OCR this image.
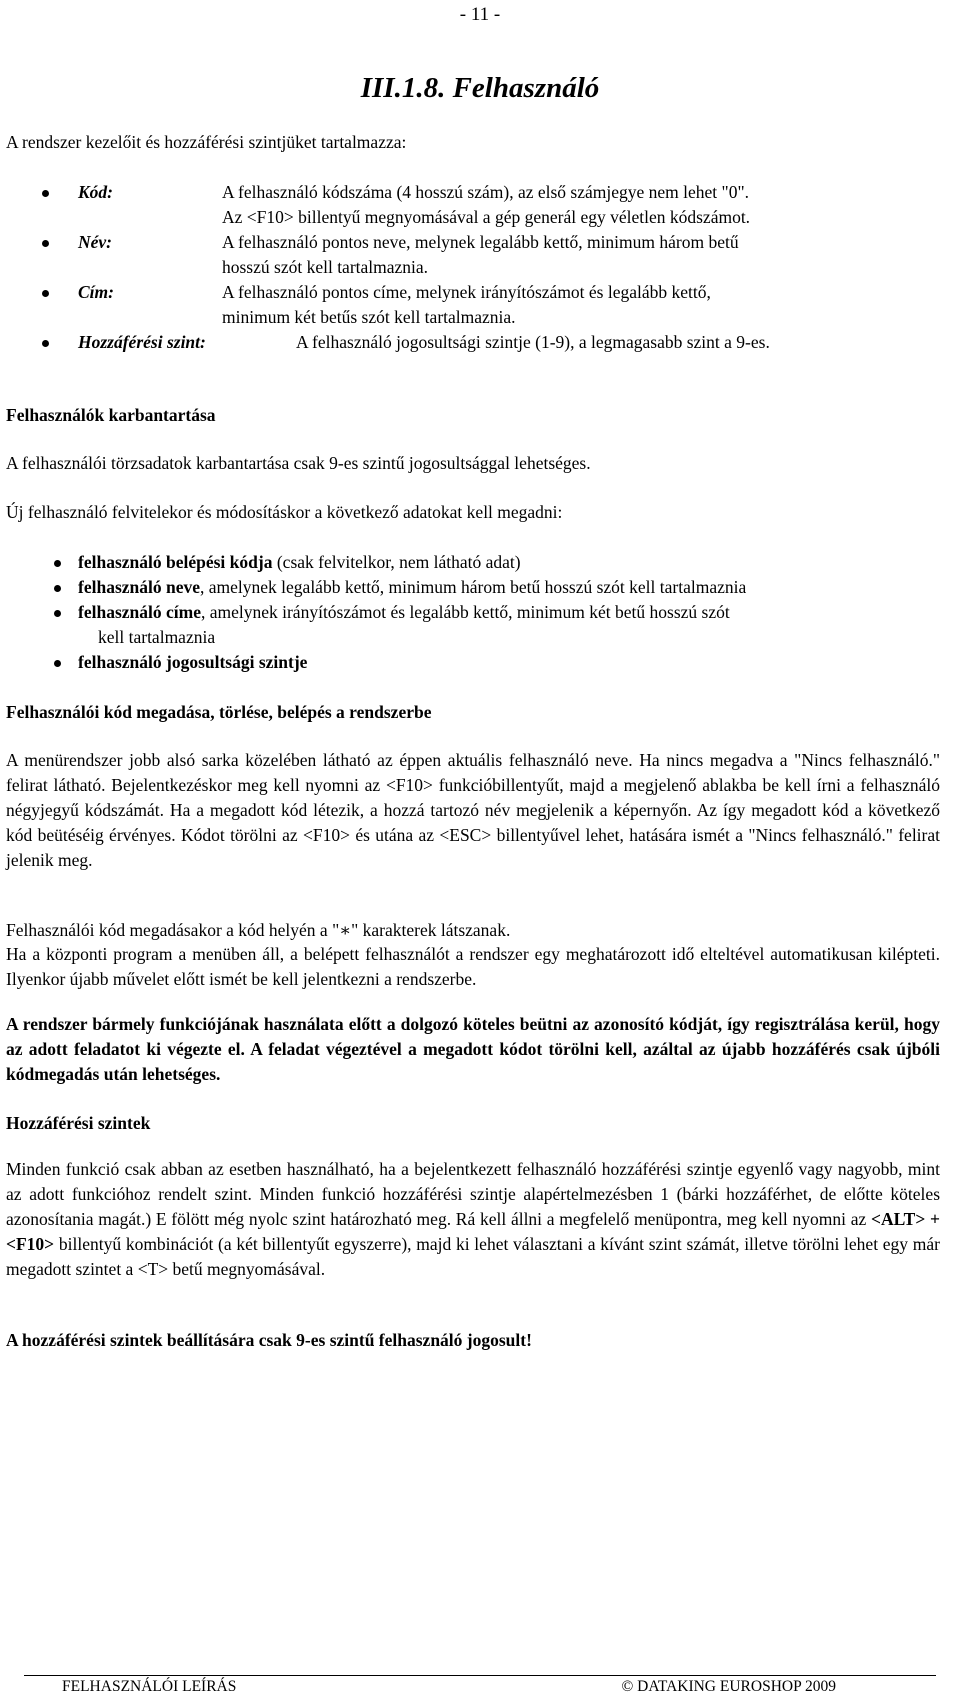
- 11 -
III.1.8. Felhasználó
A rendszer kezelőit és hozzáférési szintjüket tartalmazza:
Kód:	A felhasználó kódszáma (4 hosszú szám), az első számjegye nem lehet "0".
Az <F10> billentyű megnyomásával a gép generál egy véletlen kódszámot.
Név:	A felhasználó pontos neve, melynek legalább kettő, minimum három betű
hosszú szót kell tartalmaznia.
Cím:	A felhasználó pontos címe, melynek irányítószámot és legalább kettő,
minimum két betűs szót kell tartalmaznia.
Hozzáférési szint:	A felhasználó jogosultsági szintje (1-9), a legmagasabb szint a 9-es.
Felhasználók karbantartása
A felhasználói törzsadatok karbantartása csak 9-es szintű jogosultsággal lehetséges.
Új felhasználó felvitelekor és módosításkor a következő adatokat kell megadni:
felhasználó belépési kódja (csak felvitelkor, nem látható adat)
felhasználó neve, amelynek legalább kettő, minimum három betű hosszú szót kell tartalmaznia
felhasználó címe, amelynek irányítószámot és legalább kettő, minimum két betű hosszú szót
kell tartalmaznia
felhasználó jogosultsági szintje
Felhasználói kód megadása, törlése, belépés a rendszerbe
A menürendszer jobb alsó sarka közelében látható az éppen aktuális felhasználó neve. Ha nincs megadva a "Nincs felhasználó." felirat látható. Bejelentkezéskor meg kell nyomni az <F10> funkcióbillentyűt, majd a megjelenő ablakba be kell írni a felhasználó négyjegyű kódszámát. Ha a megadott kód létezik, a hozzá tartozó név megjelenik a képernyőn. Az így megadott kód a következő kód beütéséig érvényes. Kódot törölni az <F10> és utána az <ESC> billentyűvel lehet, hatására ismét a "Nincs felhasználó." felirat jelenik meg.
Felhasználói kód megadásakor a kód helyén a "∗" karakterek látszanak.
Ha a központi program a menüben áll, a belépett felhasználót a rendszer egy meghatározott idő elteltével automatikusan kilépteti. Ilyenkor újabb művelet előtt ismét be kell jelentkezni a rendszerbe.
A rendszer bármely funkciójának használata előtt a dolgozó köteles beütni az azonosító kódját, így regisztrálása kerül, hogy az adott feladatot ki végezte el. A feladat végeztével a megadott kódot törölni kell, azáltal az újabb hozzáférés csak újbóli kódmegadás után lehetséges.
Hozzáférési szintek
Minden funkció csak abban az esetben használható, ha a bejelentkezett felhasználó hozzáférési szintje egyenlő vagy nagyobb, mint az adott funkcióhoz rendelt szint. Minden funkció hozzáférési szintje alapértelmezésben 1 (bárki hozzáférhet, de előtte köteles azonosítania magát.) E fölött még nyolc szint határozható meg. Rá kell állni a megfelelő menüpontra, meg kell nyomni az <ALT> + <F10> billentyű kombinációt (a két billentyűt egyszerre), majd ki lehet választani a kívánt szint számát, illetve törölni lehet egy már megadott szintet a <T> betű megnyomásával.
A hozzáférési szintek beállítására csak 9-es szintű felhasználó jogosult!
FELHASZNÁLÓI LEÍRÁS	© DATAKING EUROSHOP 2009
